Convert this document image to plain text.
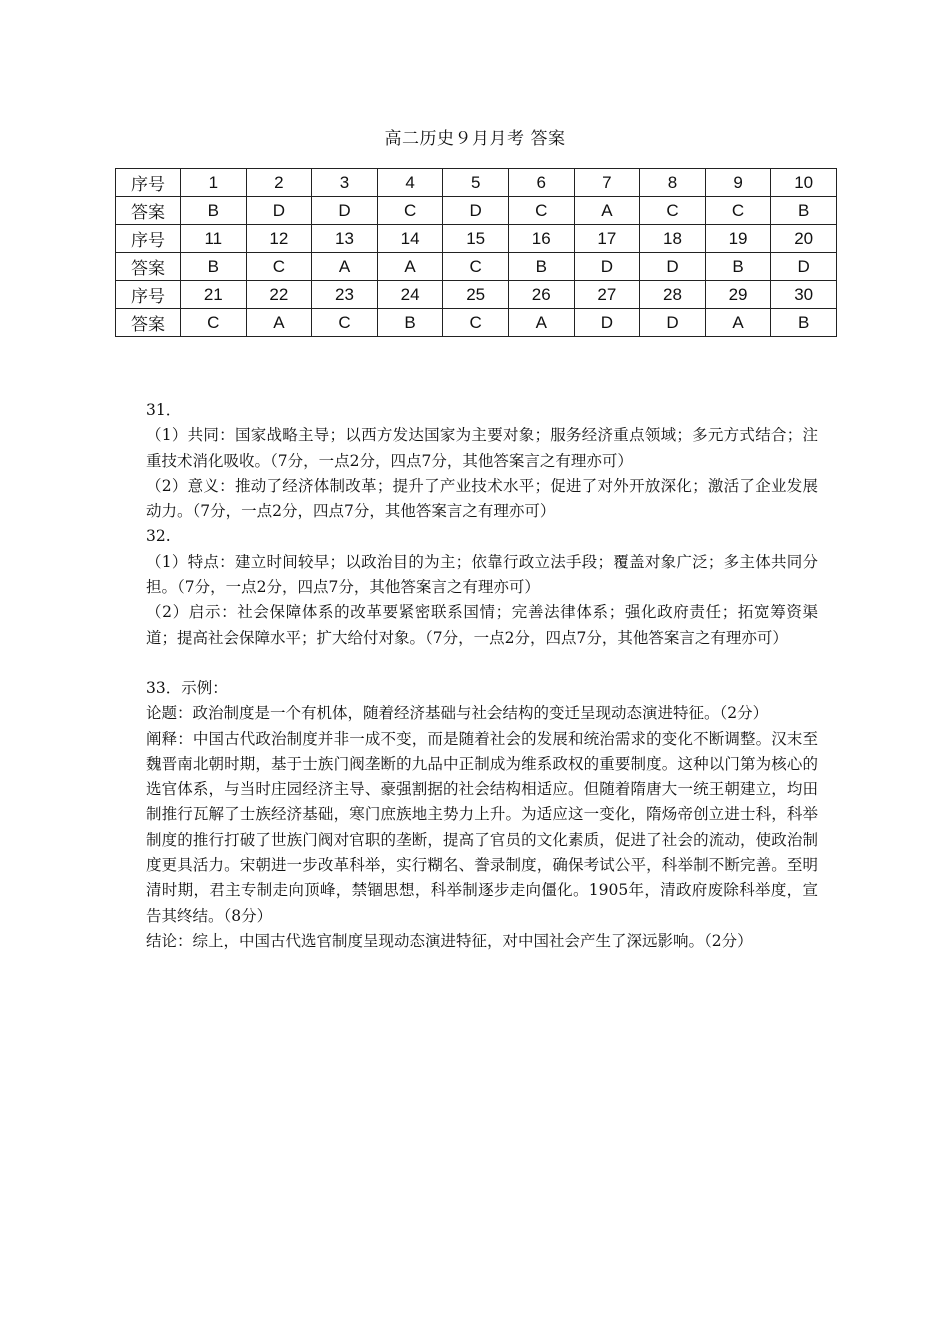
高二历史９月月考 答案
序号	1	2	3	4	5	6	7	8	9	10
答案	B	D	D	C	D	C	A	C	C	B
序号	11	12	13	14	15	16	17	18	19	20
答案	B	C	A	A	C	B	D	D	B	D
序号	21	22	23	24	25	26	27	28	29	30
答案	C	A	C	B	C	A	D	D	A	B

31．

（1）共同：国家战略主导；以西方发达国家为主要对象；服务经济重点领域；多元方式结合；注重技术消化吸收。（7分，一点2分，四点7分，其他答案言之有理亦可）

（2）意义：推动了经济体制改革；提升了产业技术水平；促进了对外开放深化；激活了企业发展动力。（7分，一点2分，四点7分，其他答案言之有理亦可）

32.

（1）特点：建立时间较早；以政治目的为主；依靠行政立法手段；覆盖对象广泛；多主体共同分担。（7分，一点2分，四点7分，其他答案言之有理亦可）

（2）启示：社会保障体系的改革要紧密联系国情；完善法律体系；强化政府责任；拓宽筹资渠道；提高社会保障水平；扩大给付对象。（7分，一点2分，四点7分，其他答案言之有理亦可）

33．示例：

论题：政治制度是一个有机体，随着经济基础与社会结构的变迁呈现动态演进特征。（2分）

阐释：中国古代政治制度并非一成不变，而是随着社会的发展和统治需求的变化不断调整。汉末至魏晋南北朝时期，基于士族门阀垄断的九品中正制成为维系政权的重要制度。这种以门第为核心的选官体系，与当时庄园经济主导、豪强割据的社会结构相适应。但随着隋唐大一统王朝建立，均田制推行瓦解了士族经济基础，寒门庶族地主势力上升。为适应这一变化，隋炀帝创立进士科，科举制度的推行打破了世族门阀对官职的垄断，提高了官员的文化素质，促进了社会的流动，使政治制度更具活力。宋朝进一步改革科举，实行糊名、誊录制度，确保考试公平，科举制不断完善。至明清时期，君主专制走向顶峰，禁锢思想，科举制逐步走向僵化。1905年，清政府废除科举度，宣告其终结。（8分）

结论：综上，中国古代选官制度呈现动态演进特征，对中国社会产生了深远影响。（2分）
